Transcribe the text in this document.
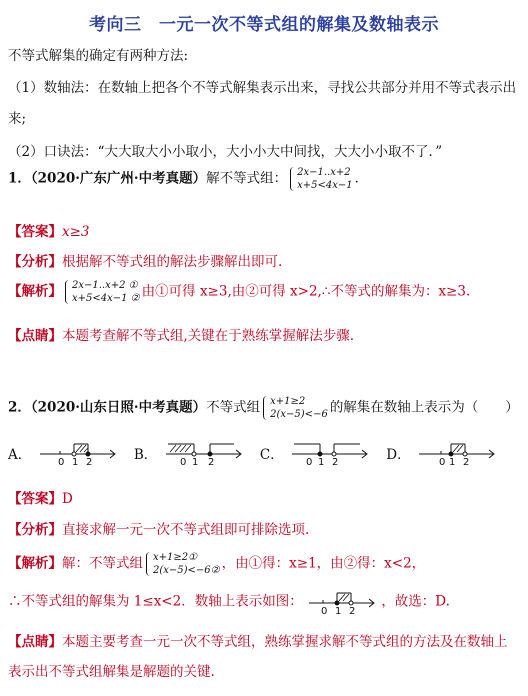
考向三　一元一次不等式组的解集及数轴表示
不等式解集的确定有两种方法:
（1）数轴法：在数轴上把各个不等式解集表示出来，寻找公共部分并用不等式表示出
来;
（2）口诀法：“大大取大小小取小，大小小大中间找，大大小小取不了．”
1．（2020·广东广州·中考真题）解不等式组： 2x−1..x+2
x+5<4x−1 ．
【答案】x≥3
【分析】根据解不等式组的解法步骤解出即可.
【解析】 2x−1..x+2 ①
x+5<4x−1 ② 由①可得 x≥3,由②可得 x>2,∴不等式的解集为：x≥3.
【点睛】本题考查解不等式组,关键在于熟练掌握解法步骤.
2．（2020·山东日照·中考真题）不等式组 x+1≥2
2(x−5)<−6 的解集在数轴上表示为（　　）
A．	0 1 2	B． 0 1 2	C． 0 1 2	D．	0 1 2
【答案】D
【分析】直接求解一元一次不等式组即可排除选项.
【解析】解：不等式组 x+1≥2①
2(x−5)<−6② ，由①得：x≥1，由②得：x<2，
∴不等式组的解集为 1≤x<2．数轴上表示如图：
0 1 2
，故选：D.
【点睛】本题主要考查一元一次不等式组，熟练掌握求解不等式组的方法及在数轴上
表示出不等式组解集是解题的关键.
